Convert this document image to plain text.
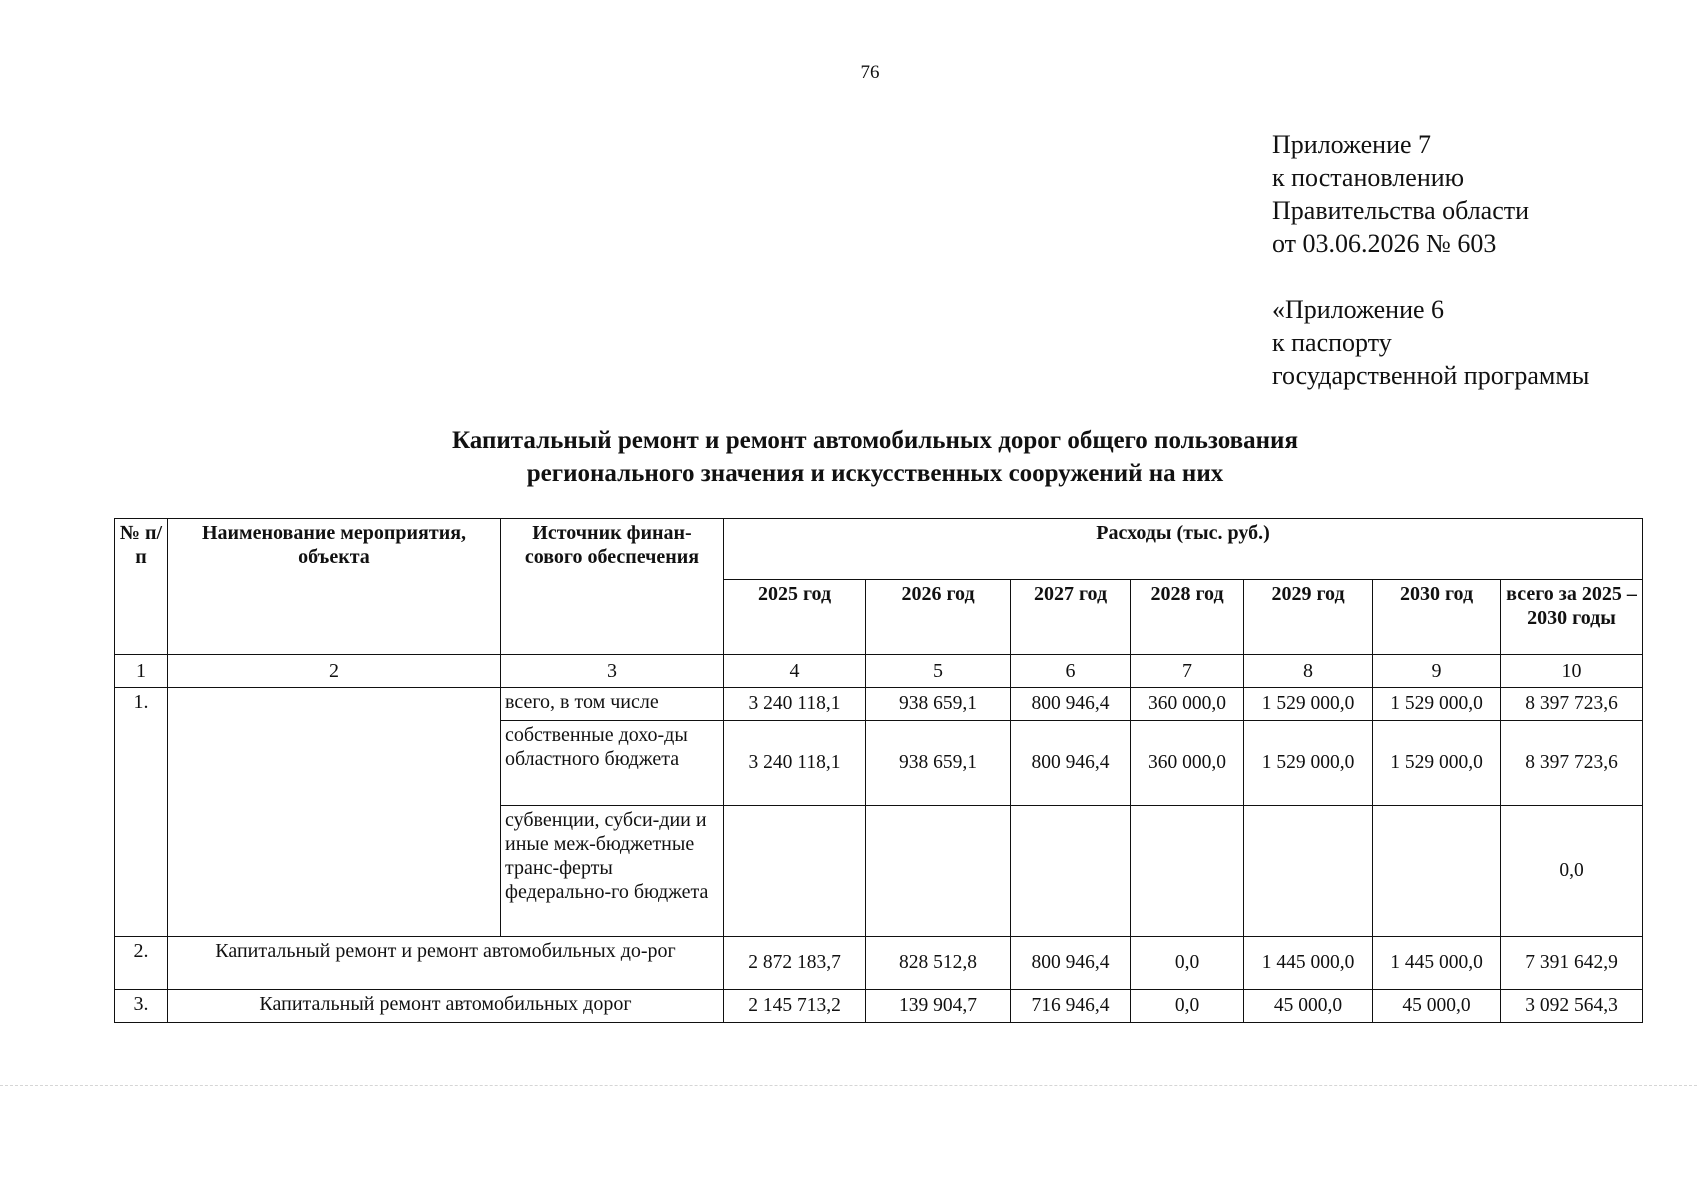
76
Приложение 7
к постановлению
Правительства области
от 03.06.2026 № 603
«Приложение 6
к паспорту
государственной программы
Капитальный ремонт и ремонт автомобильных дорог общего пользования
регионального значения и искусственных сооружений на них
№ п/п	Наименование мероприятия, объекта	Источник финан-сового обеспечения	Расходы (тыс. руб.)						
			2025 год	2026 год	2027 год	2028 год	2029 год	2030 год	всего за 2025 – 2030 годы
1	2	3	4	5	6	7	8	9	10
1.		всего, в том числе	3 240 118,1	938 659,1	800 946,4	360 000,0	1 529 000,0	1 529 000,0	8 397 723,6
		собственные дохо-ды областного бюджета	3 240 118,1	938 659,1	800 946,4	360 000,0	1 529 000,0	1 529 000,0	8 397 723,6
		субвенции, субси-дии и иные меж-бюджетные транс-ферты федерально-го бюджета							0,0
2.	Капитальный ремонт и ремонт автомобильных до-рог		2 872 183,7	828 512,8	800 946,4	0,0	1 445 000,0	1 445 000,0	7 391 642,9
3.	Капитальный ремонт автомобильных дорог		2 145 713,2	139 904,7	716 946,4	0,0	45 000,0	45 000,0	3 092 564,3
